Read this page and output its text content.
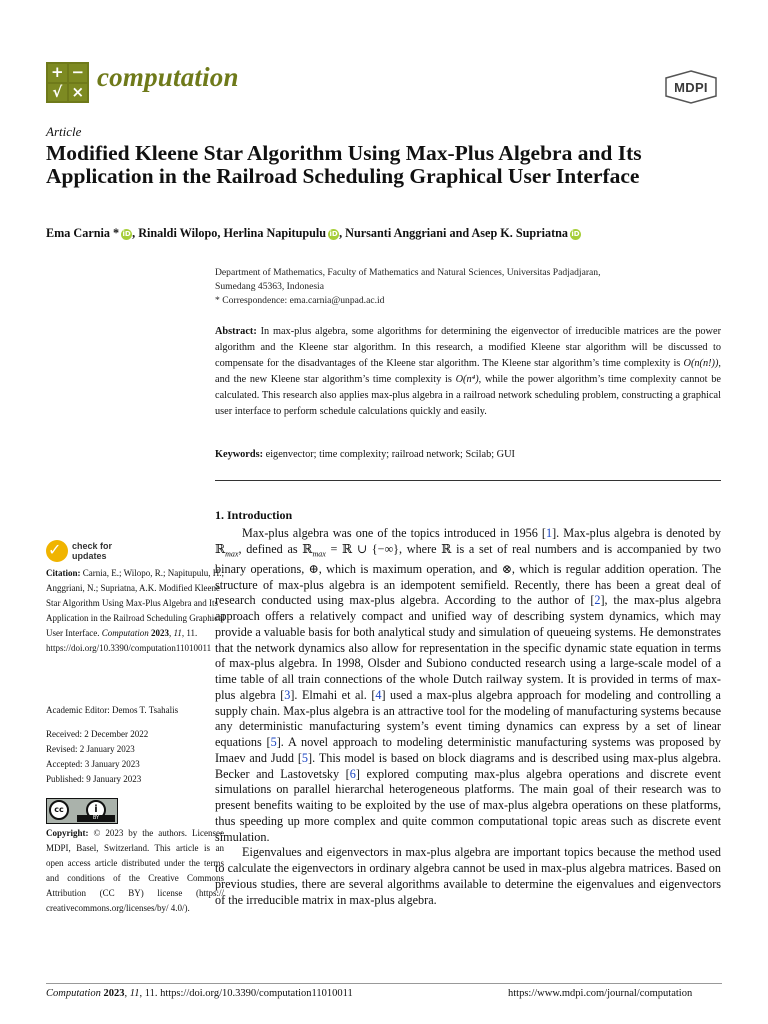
+ −
√ × computation	MDPI
Article
Modified Kleene Star Algorithm Using Max-Plus Algebra and Its Application in the Railroad Scheduling Graphical User Interface
Ema Carnia * iD, Rinaldi Wilopo, Herlina Napitupulu iD, Nursanti Anggriani and Asep K. Supriatna iD
Department of Mathematics, Faculty of Mathematics and Natural Sciences, Universitas Padjadjaran,
Sumedang 45363, Indonesia
* Correspondence: ema.carnia@unpad.ac.id
Abstract: In max-plus algebra, some algorithms for determining the eigenvector of irreducible matrices are the power algorithm and the Kleene star algorithm. In this research, a modified Kleene star algorithm will be discussed to compensate for the disadvantages of the Kleene star algorithm. The Kleene star algorithm’s time complexity is O(n(n!)), and the new Kleene star algorithm’s time complexity is O(n⁴), while the power algorithm’s time complexity cannot be calculated. This research also applies max-plus algebra in a railroad network scheduling problem, constructing a graphical user interface to perform schedule calculations quickly and easily.
Keywords: eigenvector; time complexity; railroad network; Scilab; GUI
1. Introduction

Max-plus algebra was one of the topics introduced in 1956 [1]. Max-plus algebra is denoted by ℝ$_{max}$, defined as ℝ$_{max}$ = ℝ ∪ {−∞}, where ℝ is a set of real numbers and is accompanied by two binary operations, ⊕, which is maximum operation, and ⊗, which is regular addition operation. The structure of max-plus algebra is an idempotent semifield. Recently, there has been a great deal of research conducted using max-plus algebra. According to the author of [2], the max-plus algebra approach offers a relatively compact and unified way of describing system dynamics, which may provide a valuable basis for both analytical study and simulation of queueing systems. He demonstrates that the network dynamics also allow for representation in the specific dynamic state equation in terms of max-plus algebra. In 1998, Olsder and Subiono conducted research using a large-scale model of a time table of all train connections of the whole Dutch railway system. It is provided in terms of max-plus algebra [3]. Elmahi et al. [4] used a max-plus algebra approach for modeling and controlling a supply chain. Max-plus algebra is an attractive tool for the modeling of manufacturing systems because any deterministic manufacturing system’s event timing dynamics can express by a set of linear equations [5]. A novel approach to modeling deterministic manufacturing systems was proposed by Imaev and Judd [5]. This model is based on block diagrams and is described using max-plus algebra. Becker and Lastovetsky [6] explored computing max-plus algebra operations and discrete event simulations on parallel hierarchal heterogeneous platforms. The main goal of their research was to present benefits waiting to be exploited by the use of max-plus algebra operations on these platforms, thus speeding up more complex and quite common computational topic areas such as discrete event simulation.

Eigenvalues and eigenvectors in max-plus algebra are important topics because the method used to calculate the eigenvectors in ordinary algebra cannot be used in max-plus algebra matrices. Based on previous studies, there are several algorithms available to determine the eigenvalues and eigenvectors of the irreducible matrix in max-plus algebra.

✓ check for
updates
Citation: Carnia, E.; Wilopo, R.; Napitupulu, H.; Anggriani, N.; Supriatna, A.K. Modified Kleene Star Algorithm Using Max-Plus Algebra and Its Application in the Railroad Scheduling Graphical User Interface. Computation 2023, 11, 11. https://doi.org/10.3390/computation11010011
Academic Editor: Demos T. Tsahalis
Received: 2 December 2022
Revised: 2 January 2023
Accepted: 3 January 2023
Published: 9 January 2023
cc	i
BY
Copyright: © 2023 by the authors. Licensee MDPI, Basel, Switzerland. This article is an open access article distributed under the terms and conditions of the Creative Commons Attribution (CC BY) license (https:// creativecommons.org/licenses/by/ 4.0/).
Computation 2023, 11, 11. https://doi.org/10.3390/computation11010011	https://www.mdpi.com/journal/computation
